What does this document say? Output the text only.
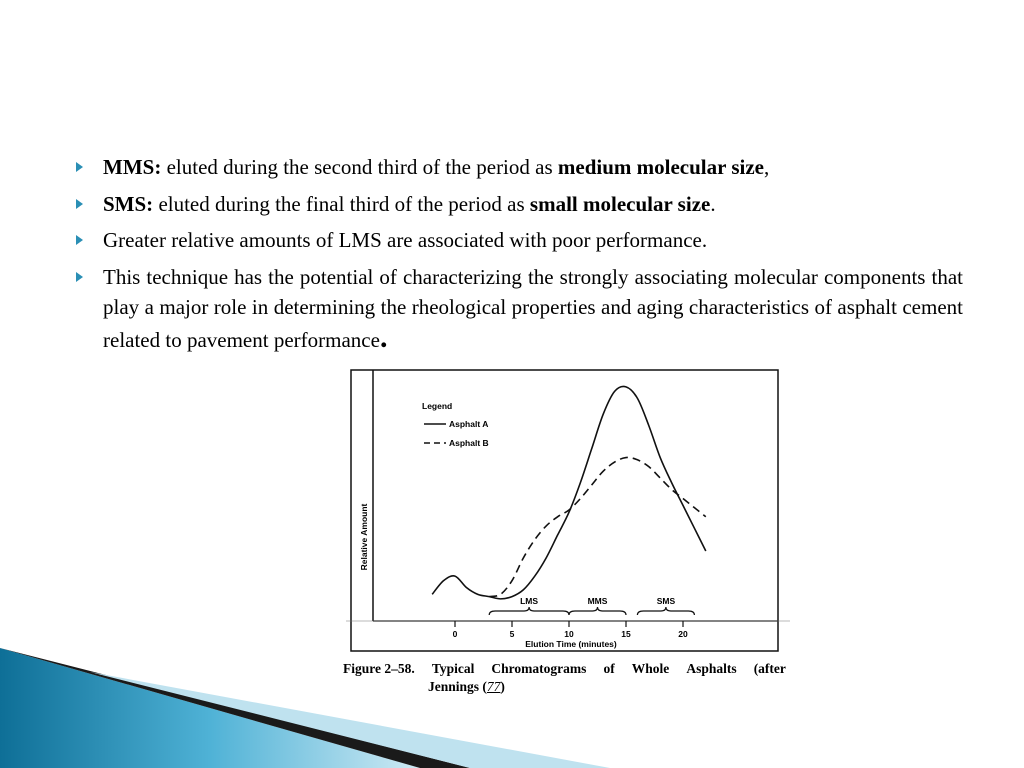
MMS: eluted during the second third of the period as medium molecular size,
SMS: eluted during the final third of the period as small molecular size.
Greater relative amounts of LMS are associated with poor performance.
This technique has the potential of characterizing the strongly associating molecular components that play a major role in determining the rheological properties and aging characteristics of asphalt cement related to pavement performance.
Relative Amount
Elution Time (minutes)
Legend
Asphalt A
Asphalt B
0	5	10	15	20
LMS	MMS	SMS
Figure 2–58. Typical Chromatograms of Whole Asphalts (after
Jennings (77)
